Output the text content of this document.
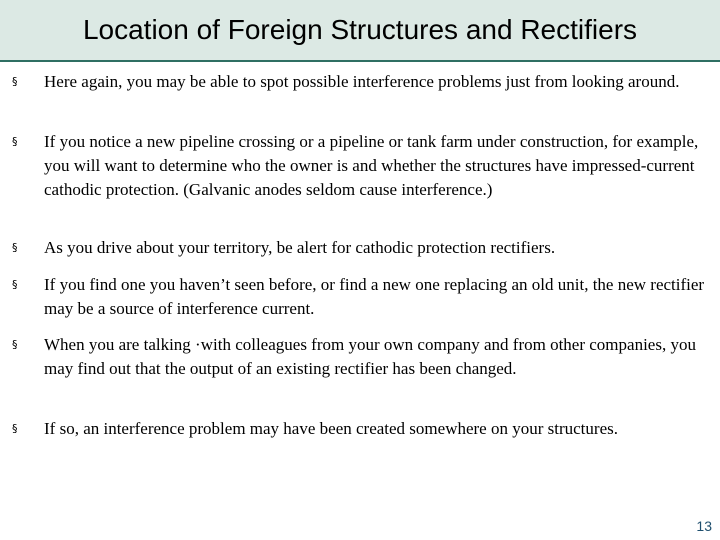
Location of Foreign Structures and Rectifiers
§	Here again, you may be able to spot possible interference problems just from looking around.
§	If you notice a new pipeline crossing or a pipeline or tank farm under construction, for example, you will want to determine who the owner is and whether the structures have impressed-current cathodic protection. (Galvanic anodes seldom cause interference.)
§	As you drive about your territory, be alert for cathodic protection rectifiers.
§	If you find one you haven’t seen before, or find a new one replacing an old unit, the new rectifier may be a source of interference current.
§	When you are talking ·with colleagues from your own company and from other companies, you may find out that the output of an existing rectifier has been changed.
§	If so, an interference problem may have been created somewhere on your structures.
13
